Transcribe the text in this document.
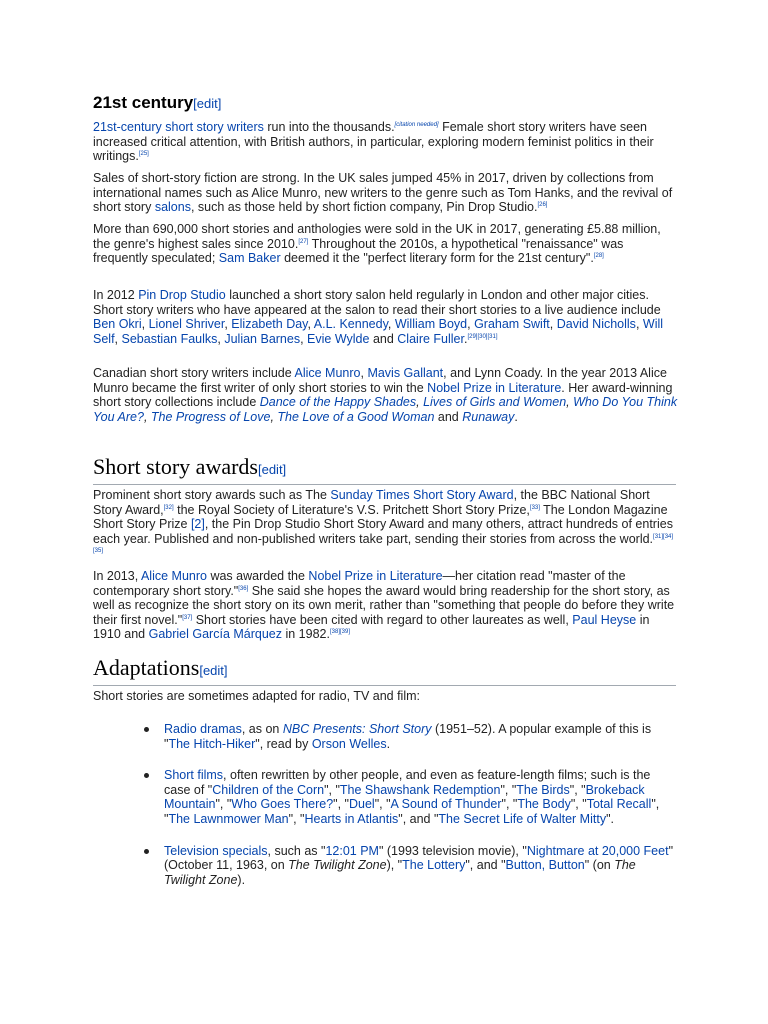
21st century[edit]

21st-century short story writers run into the thousands.[citation needed] Female short story writers have seen increased critical attention, with British authors, in particular, exploring modern feminist politics in their writings.[25]

Sales of short-story fiction are strong. In the UK sales jumped 45% in 2017, driven by collections from international names such as Alice Munro, new writers to the genre such as Tom Hanks, and the revival of short story salons, such as those held by short fiction company, Pin Drop Studio.[26]

More than 690,000 short stories and anthologies were sold in the UK in 2017, generating £5.88 million, the genre's highest sales since 2010.[27] Throughout the 2010s, a hypothetical "renaissance" was frequently speculated; Sam Baker deemed it the "perfect literary form for the 21st century".[28]

In 2012 Pin Drop Studio launched a short story salon held regularly in London and other major cities. Short story writers who have appeared at the salon to read their short stories to a live audience include Ben Okri, Lionel Shriver, Elizabeth Day, A.L. Kennedy, William Boyd, Graham Swift, David Nicholls, Will Self, Sebastian Faulks, Julian Barnes, Evie Wylde and Claire Fuller.[29][30][31]

Canadian short story writers include Alice Munro, Mavis Gallant, and Lynn Coady. In the year 2013 Alice Munro became the first writer of only short stories to win the Nobel Prize in Literature. Her award-winning short story collections include Dance of the Happy Shades, Lives of Girls and Women, Who Do You Think You Are?, The Progress of Love, The Love of a Good Woman and Runaway.

Short story awards[edit]

Prominent short story awards such as The Sunday Times Short Story Award, the BBC National Short Story Award,[32] the Royal Society of Literature's V.S. Pritchett Short Story Prize,[33] The London Magazine Short Story Prize [2], the Pin Drop Studio Short Story Award and many others, attract hundreds of entries each year. Published and non-published writers take part, sending their stories from across the world.[31][34][35]

In 2013, Alice Munro was awarded the Nobel Prize in Literature—her citation read "master of the contemporary short story."[36] She said she hopes the award would bring readership for the short story, as well as recognize the short story on its own merit, rather than "something that people do before they write their first novel."[37] Short stories have been cited with regard to other laureates as well, Paul Heyse in 1910 and Gabriel García Márquez in 1982.[38][39]

Adaptations[edit]

Short stories are sometimes adapted for radio, TV and film:

Radio dramas, as on NBC Presents: Short Story (1951–52). A popular example of this is "The Hitch-Hiker", read by Orson Welles.
Short films, often rewritten by other people, and even as feature-length films; such is the case of "Children of the Corn", "The Shawshank Redemption", "The Birds", "Brokeback Mountain", "Who Goes There?", "Duel", "A Sound of Thunder", "The Body", "Total Recall", "The Lawnmower Man", "Hearts in Atlantis", and "The Secret Life of Walter Mitty".
Television specials, such as "12:01 PM" (1993 television movie), "Nightmare at 20,000 Feet" (October 11, 1963, on The Twilight Zone), "The Lottery", and "Button, Button" (on The Twilight Zone).
